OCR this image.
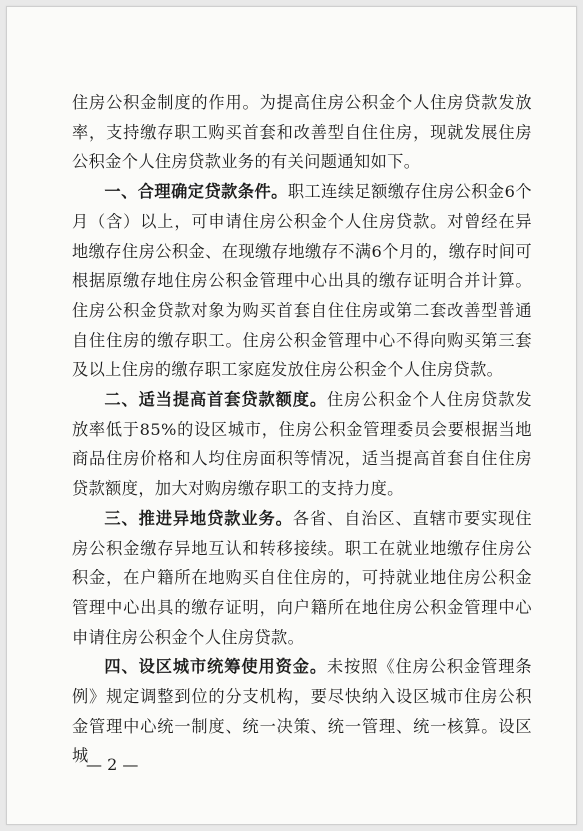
住房公积金制度的作用。为提高住房公积金个人住房贷款发放率，支持缴存职工购买首套和改善型自住住房，现就发展住房公积金个人住房贷款业务的有关问题通知如下。

一、合理确定贷款条件。职工连续足额缴存住房公积金6个月（含）以上，可申请住房公积金个人住房贷款。对曾经在异地缴存住房公积金、在现缴存地缴存不满6个月的，缴存时间可根据原缴存地住房公积金管理中心出具的缴存证明合并计算。住房公积金贷款对象为购买首套自住住房或第二套改善型普通自住住房的缴存职工。住房公积金管理中心不得向购买第三套及以上住房的缴存职工家庭发放住房公积金个人住房贷款。

二、适当提高首套贷款额度。住房公积金个人住房贷款发放率低于85%的设区城市，住房公积金管理委员会要根据当地商品住房价格和人均住房面积等情况，适当提高首套自住住房贷款额度，加大对购房缴存职工的支持力度。

三、推进异地贷款业务。各省、自治区、直辖市要实现住房公积金缴存异地互认和转移接续。职工在就业地缴存住房公积金，在户籍所在地购买自住住房的，可持就业地住房公积金管理中心出具的缴存证明，向户籍所在地住房公积金管理中心申请住房公积金个人住房贷款。

四、设区城市统筹使用资金。未按照《住房公积金管理条例》规定调整到位的分支机构，要尽快纳入设区城市住房公积金管理中心统一制度、统一决策、统一管理、统一核算。设区城

— 2 —
